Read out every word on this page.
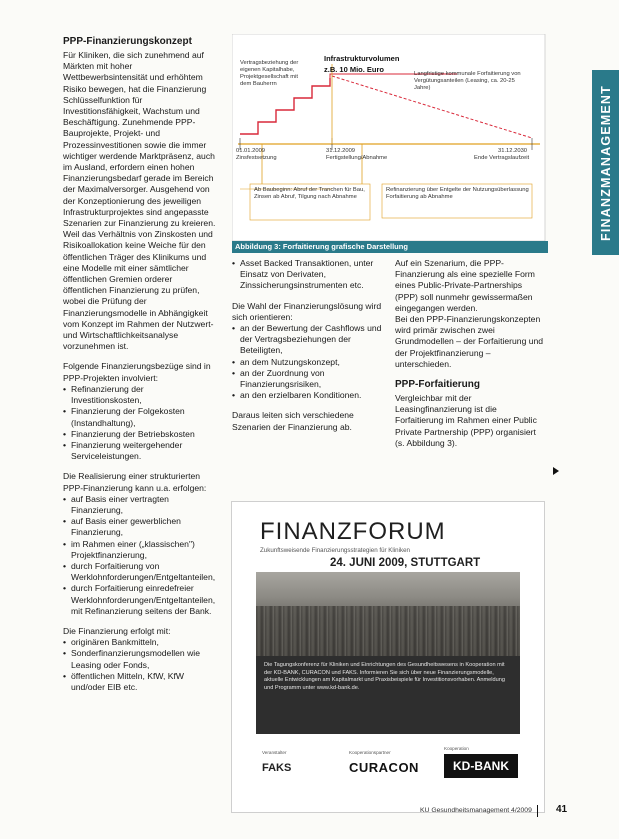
PPP-Finanzierungskonzept

Für Kliniken, die sich zunehmend auf Märkten mit hoher Wettbewerbsintensität und erhöhtem Risiko bewegen, hat die Finanzierung Schlüsselfunktion für Investitionsfähigkeit, Wachstum und Beschäftigung. Zunehmende PPP-Bauprojekte, Projekt- und Prozessinvestitionen sowie die immer wichtiger werdende Marktpräsenz, auch im Ausland, erfordern einen hohen Finanzierungsbedarf gerade im Bereich der Maximalversorger. Ausgehend von der Konzeptionierung des jeweiligen Infrastrukturprojektes sind angepasste Szenarien zur Finanzierung zu kreieren. Weil das Verhältnis von Zinskosten und Risikoallokation keine Weiche für den öffentlichen Träger des Klinikums und eine Modelle mit einer sämtlicher öffentlichen Gremien orderer öffentlichen Finanzierung zu prüfen, wobei die Prüfung der Finanzierungsmodelle in Abhängigkeit vom Konzept im Rahmen der Nutzwert- und Wirtschaftlichkeitsanalyse vorzunehmen ist.

Folgende Finanzierungsbezüge sind in PPP-Projekten involviert:

• Refinanzierung der Investitionskosten,
• Finanzierung der Folgekosten (Instandhaltung),
• Finanzierung der Betriebskosten
• Finanzierung weitergehender Serviceleistungen.

Die Realisierung einer strukturierten PPP-Finanzierung kann u.a. erfolgen:

• auf Basis einer vertragten Finanzierung,
• auf Basis einer gewerblichen Finanzierung,
• im Rahmen einer („klassischen") Projektfinanzierung,
• durch Forfaitierung von Werklohnforderungen/Entgeltanteilen,
• durch Forfaitierung einredefreier Werklohnforderungen/Entgeltanteilen, mit Refinanzierung seitens der Bank.

Die Finanzierung erfolgt mit:

• originären Bankmitteln,
• Sonderfinanzierungsmodellen wie Leasing oder Fonds,
• öffentlichen Mitteln, KfW, KfW und/oder EIB etc.
Vertragsbeziehung der eigenen Kapitalhabe, Projektgesellschaft mit dem Bauherrn
Infrastrukturvolumen
z.B. 10 Mio. Euro	Langfristige kommunale Forfaitierung von Vergütungsanteilen (Leasing, ca. 20-25 Jahre)
01.01.2009
Zinsfestsetzung
31.12.2009
Fertigstellung/Abnahme
31.12.2030
Ende Vertragslaufzeit
Ab Baubeginn: Abruf der Tranchen für Bau, Zinsen ab Abruf, Tilgung nach Abnahme
Refinanzierung über Entgelte der Nutzungsüberlassung Forfaitierung ab Abnahme
Abbildung 3: Forfaitierung grafische Darstellung
• Asset Backed Transaktionen, unter Einsatz von Derivaten, Zinssicherungsinstrumenten etc.

Die Wahl der Finanzierungslösung wird sich orientieren:

• an der Bewertung der Cashflows und der Vertragsbeziehungen der Beteiligten,
• an dem Nutzungskonzept,
• an der Zuordnung von Finanzierungsrisiken,
• an den erzielbaren Konditionen.

Daraus leiten sich verschiedene Szenarien der Finanzierung ab.

Auf ein Szenarium, die PPP-Finanzierung als eine spezielle Form eines Public-Private-Partnerships (PPP) soll nunmehr gewissermaßen eingegangen werden.

Bei den PPP-Finanzierungskonzepten wird primär zwischen zwei Grundmodellen – der Forfaitierung und der Projektfinanzierung – unterschieden.

PPP-Forfaitierung

Vergleichbar mit der Leasingfinanzierung ist die Forfaitierung im Rahmen einer Public Private Partnership (PPP) organisiert (s. Abbildung 3).

FINANZMANAGEMENT
FINANZFORUM
Zukunftsweisende Finanzierungsstrategien für Kliniken
24. JUNI 2009, STUTTGART

Die Tagungskonferenz für Kliniken und Einrichtungen des Gesundheitswesens in Kooperation mit der KD-BANK, CURACON und FAKS. Informieren Sie sich über neue Finanzierungsmodelle, aktuelle Entwicklungen am Kapitalmarkt und Praxisbeispiele für Investitionsvorhaben. Anmeldung und Programm unter www.kd-bank.de.

Veranstalter
FAKS
Kooperationspartner
CURACON
Kooperation
KD-BANK
KU Gesundheitsmanagement 4/2009 41
